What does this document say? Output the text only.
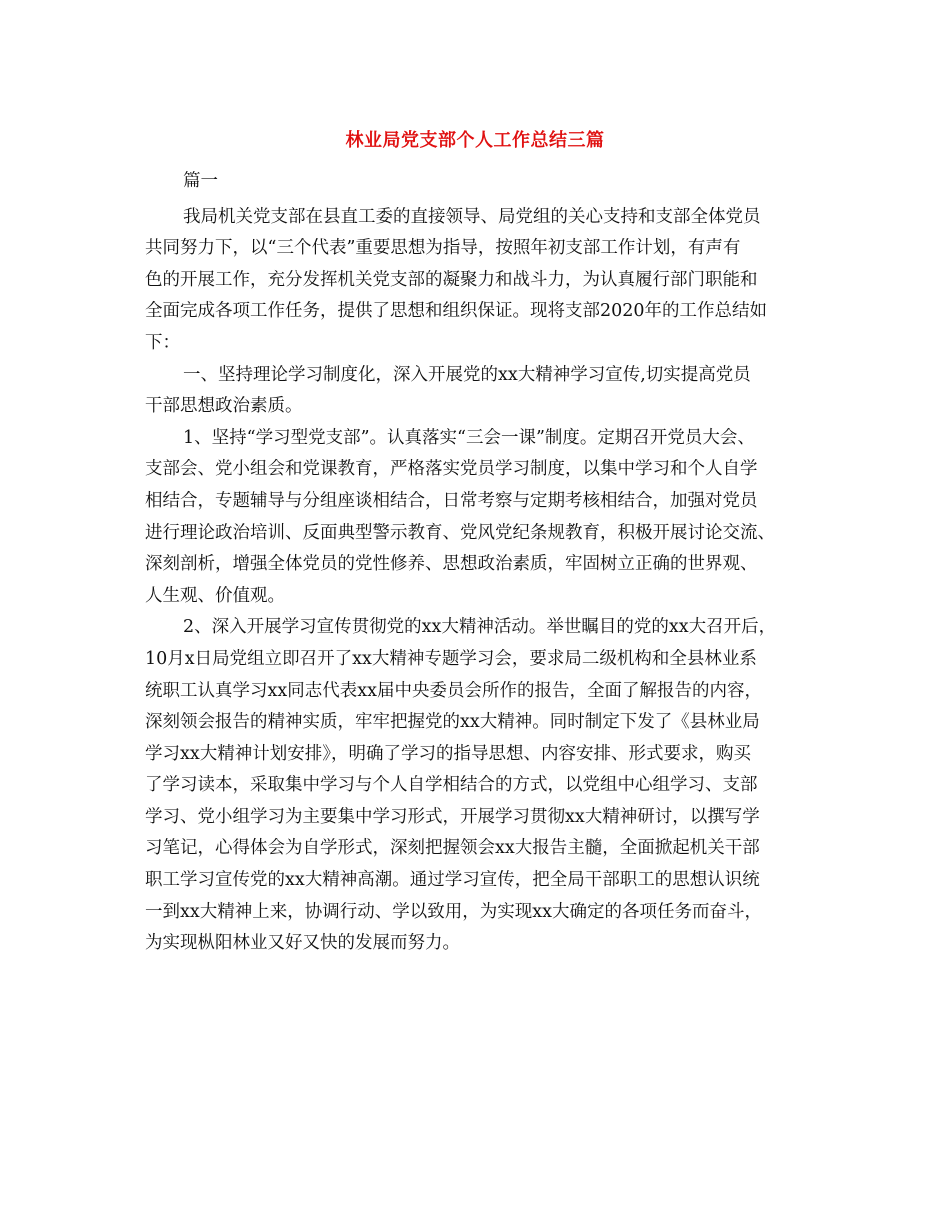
林业局党支部个人工作总结三篇
篇一
我局机关党支部在县直工委的直接领导、局党组的关心支持和支部全体党员
共同努力下，以“三个代表”重要思想为指导，按照年初支部工作计划，有声有
色的开展工作，充分发挥机关党支部的凝聚力和战斗力，为认真履行部门职能和
全面完成各项工作任务，提供了思想和组织保证。现将支部2020年的工作总结如
下：
一、坚持理论学习制度化，深入开展党的xx大精神学习宣传,切实提高党员
干部思想政治素质。
1、坚持“学习型党支部”。认真落实“三会一课”制度。定期召开党员大会、
支部会、党小组会和党课教育，严格落实党员学习制度，以集中学习和个人自学
相结合，专题辅导与分组座谈相结合，日常考察与定期考核相结合，加强对党员
进行理论政治培训、反面典型警示教育、党风党纪条规教育，积极开展讨论交流、
深刻剖析，增强全体党员的党性修养、思想政治素质，牢固树立正确的世界观、
人生观、价值观。
2、深入开展学习宣传贯彻党的xx大精神活动。举世瞩目的党的xx大召开后，
10月x日局党组立即召开了xx大精神专题学习会，要求局二级机构和全县林业系
统职工认真学习xx同志代表xx届中央委员会所作的报告，全面了解报告的内容，
深刻领会报告的精神实质，牢牢把握党的xx大精神。同时制定下发了《县林业局
学习xx大精神计划安排》，明确了学习的指导思想、内容安排、形式要求，购买
了学习读本，采取集中学习与个人自学相结合的方式，以党组中心组学习、支部
学习、党小组学习为主要集中学习形式，开展学习贯彻xx大精神研讨，以撰写学
习笔记，心得体会为自学形式，深刻把握领会xx大报告主髓，全面掀起机关干部
职工学习宣传党的xx大精神高潮。通过学习宣传，把全局干部职工的思想认识统
一到xx大精神上来，协调行动、学以致用，为实现xx大确定的各项任务而奋斗，
为实现枞阳林业又好又快的发展而努力。
